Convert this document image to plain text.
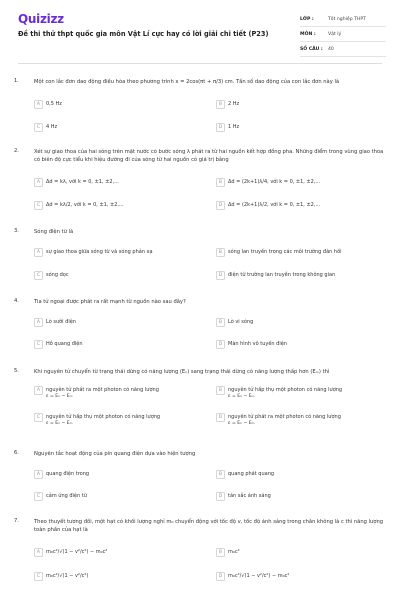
Quizizz
Đề thi thử thpt quốc gia môn Vật Lí cực hay có lời giải chi tiết (P23)
LỚP :	Tốt nghiệp THPT
MÔN :	Vật lý
SỐ CÂU :	40
1.	Một con lắc đơn dao động điều hòa theo phương trình x = 2cos(πt + π/3) cm. Tần số dao động của con lắc đơn này là
A	0,5 Hz	B	2 Hz
C	4 Hz	D	1 Hz
2.	Xét sự giao thoa của hai sóng trên mặt nước có bước sóng λ phát ra từ hai nguồn kết hợp đồng pha. Những điểm trong vùng giao thoa có biên độ cực tiểu khi hiệu đường đi của sóng từ hai nguồn có giá trị bằng
A	Δd = kλ, với k = 0, ±1, ±2,...	B	Δd = (2k+1)λ/4, với k = 0, ±1, ±2,...
C	Δd = kλ/2, với k = 0, ±1, ±2,...	D	Δd = (2k+1)λ/2, với k = 0, ±1, ±2,...
3.	Sóng điện từ là
A	sự giao thoa giữa sóng từ và sóng phản xạ	B	sóng lan truyền trong các môi trường đàn hồi
C	sóng dọc	D	điện từ trường lan truyền trong không gian
4.	Tia tử ngoại được phát ra rất mạnh từ nguồn nào sau đây?
A	Lò sưởi điện	B	Lò vi sóng
C	Hồ quang điện	D	Màn hình vô tuyến điện
5.	Khi nguyên tử chuyển từ trạng thái dừng có năng lượng (Eₙ) sang trạng thái dừng có năng lượng thấp hơn (Eₘ) thì
A	nguyên tử phát ra một photon có năng lượng
ε = Eₙ − Eₘ
B	nguyên tử hấp thụ một photon có năng lượng
ε = Eₙ − Eₘ
C	nguyên tử hấp thụ một photon có năng lượng
ε = Eₙ − Eₘ
D	nguyên tử phát ra một photon có năng lượng
ε = Eₙ − Eₘ
6.	Nguyên tắc hoạt động của pin quang điện dựa vào hiện tượng
A	quang điện trong	B	quang phát quang
C	cảm ứng điện từ	D	tán sắc ánh sáng
7.	Theo thuyết tương đối, một hạt có khối lượng nghỉ m₀ chuyển động với tốc độ v, tốc độ ánh sáng trong chân không là c thì năng lượng toàn phần của hạt là
A	m₀c²/√(1 − v²/c²) − m₀c²	B	m₀c²
C	m₀c²/√(1 − v²/c²)	D	m₀c²/√(1 − v²/c²) − m₀c²
